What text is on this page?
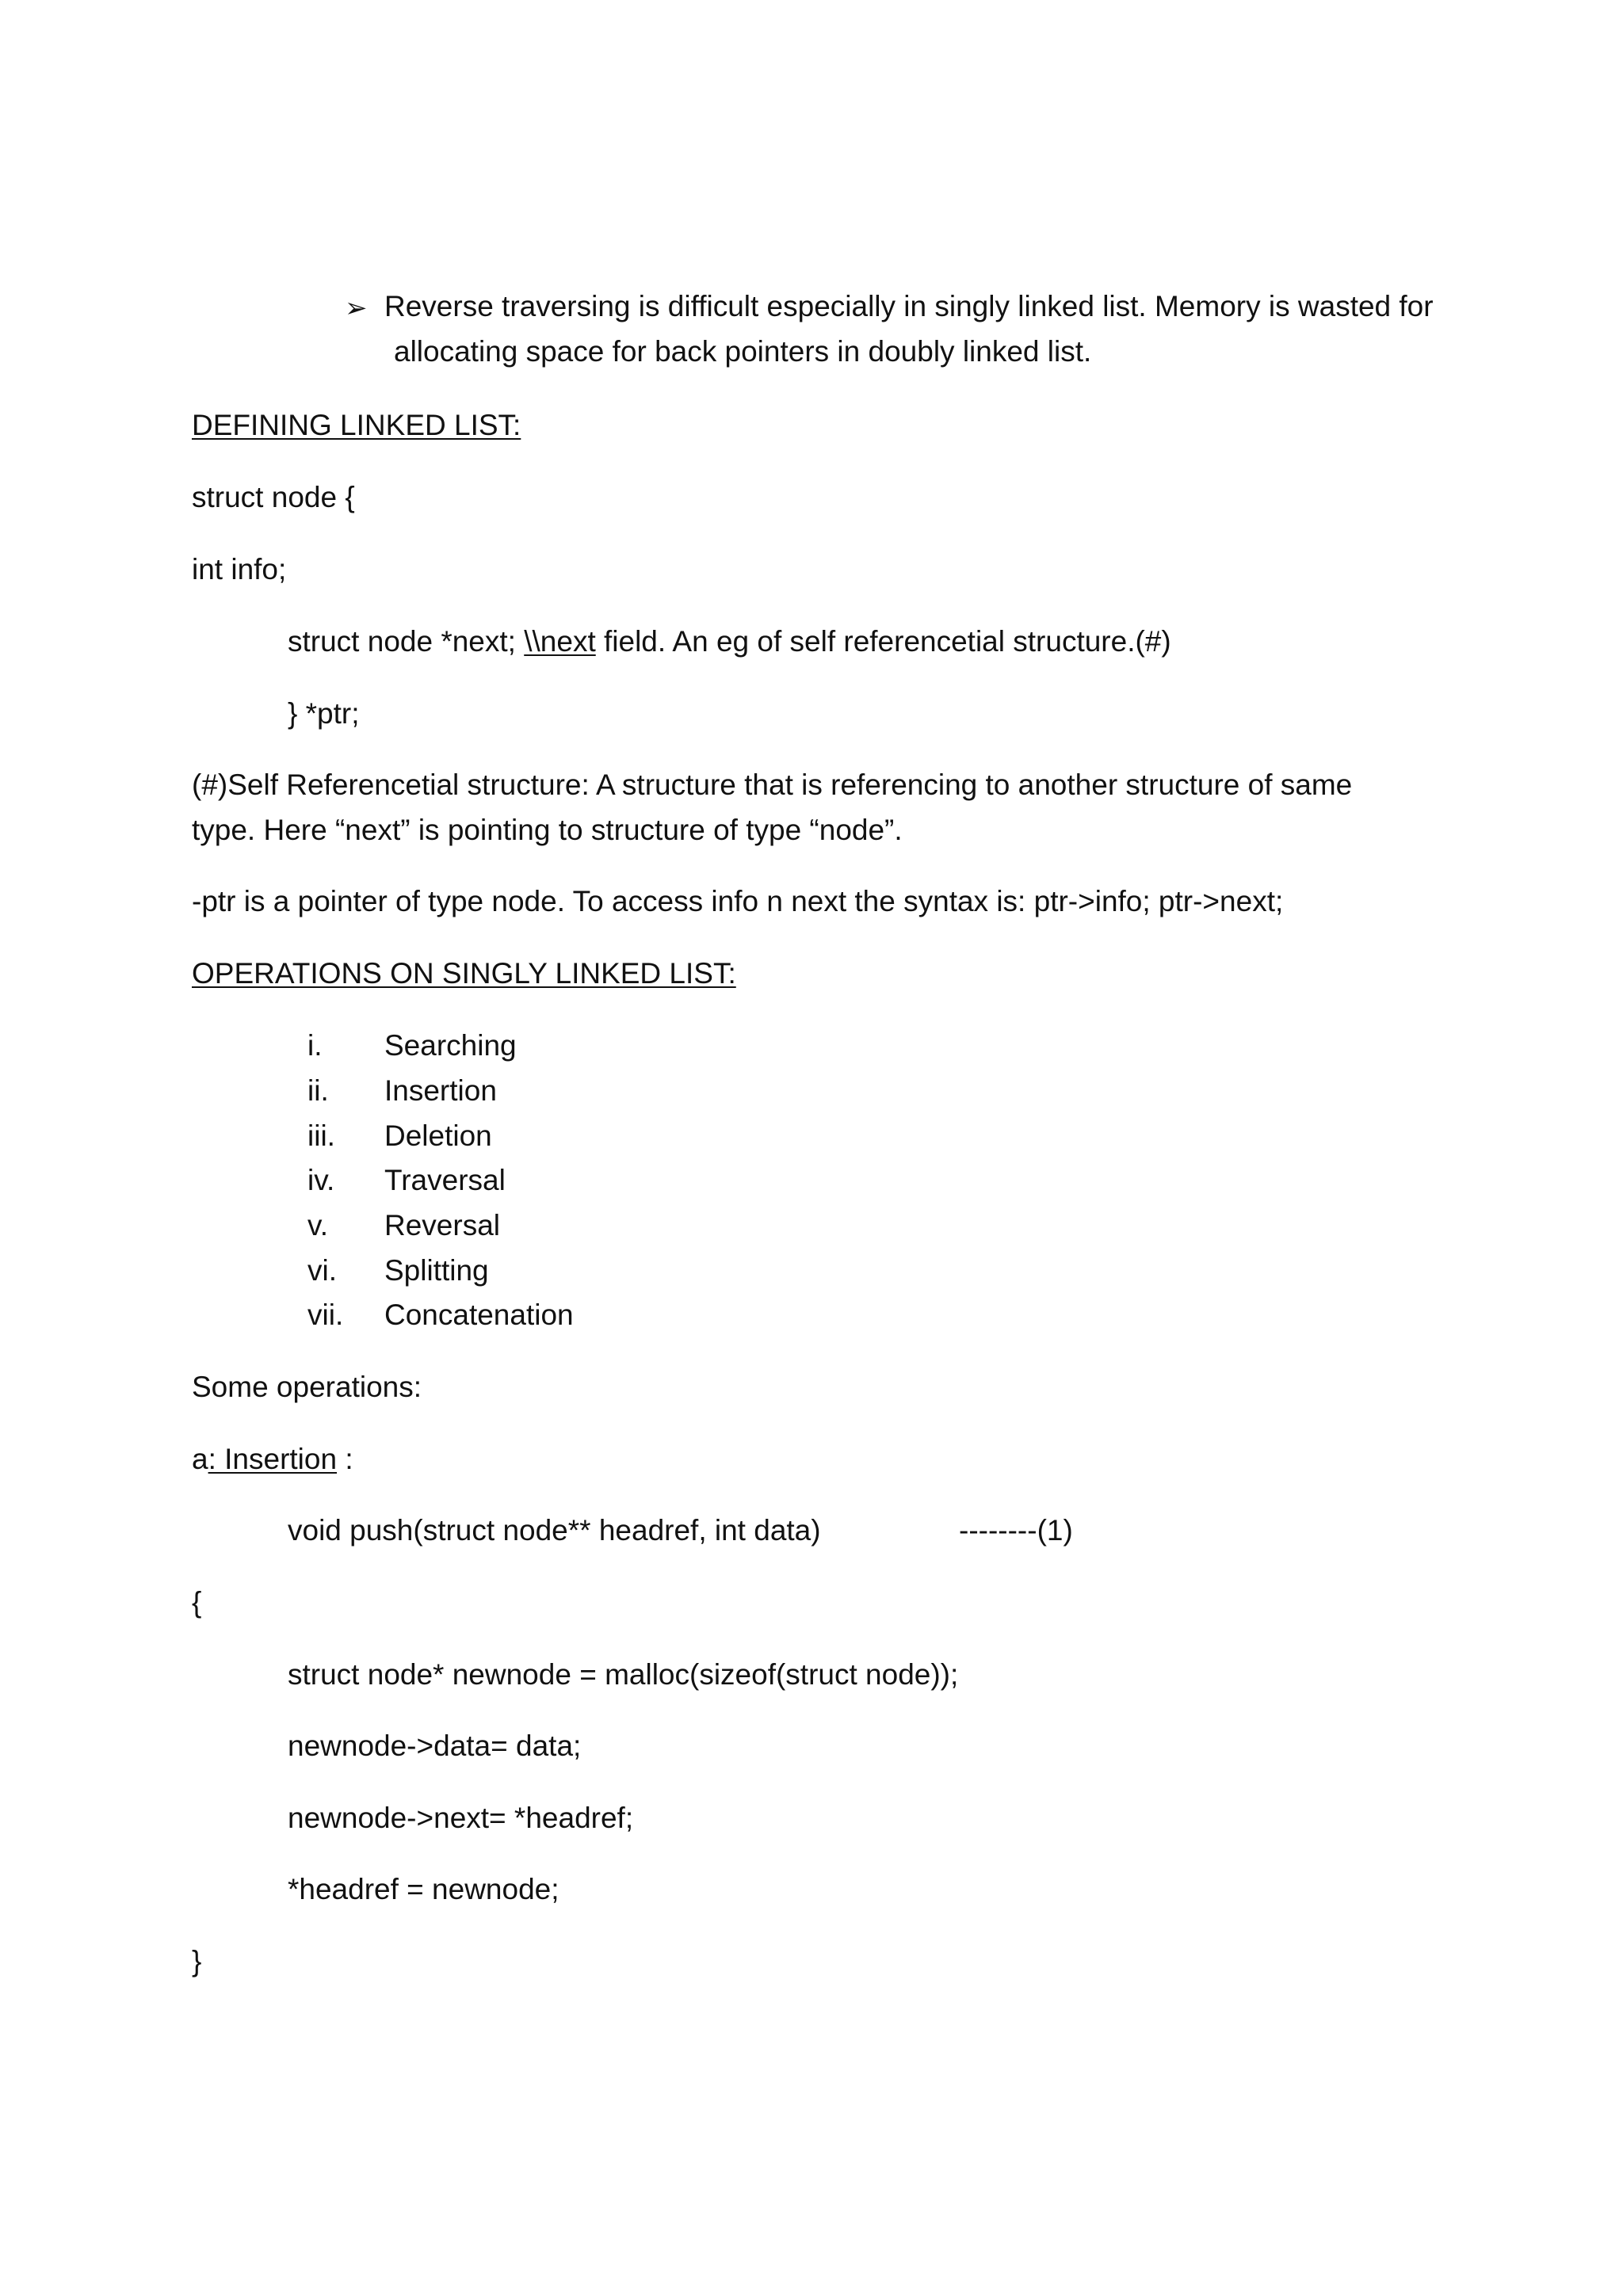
➢ Reverse traversing is difficult especially in singly linked list. Memory is wasted for
allocating space for back pointers in doubly linked list.
DEFINING LINKED LIST:
struct node {
int info;
struct node *next; \\next field. An eg of self referencetial structure.(#)
} *ptr;
(#)Self Referencetial structure: A structure that is referencing to another structure of same
type. Here “next” is pointing to structure of type “node”.
-ptr is a pointer of type node. To access info n next the syntax is: ptr->info; ptr->next;
OPERATIONS ON SINGLY LINKED LIST:
i. Searching
ii. Insertion
iii. Deletion
iv. Traversal
v. Reversal
vi. Splitting
vii. Concatenation
Some operations:
a: Insertion :
void push(struct node** headref, int data)	--------(1)
{
struct node* newnode = malloc(sizeof(struct node));
newnode->data= data;
newnode->next= *headref;
*headref = newnode;
}
